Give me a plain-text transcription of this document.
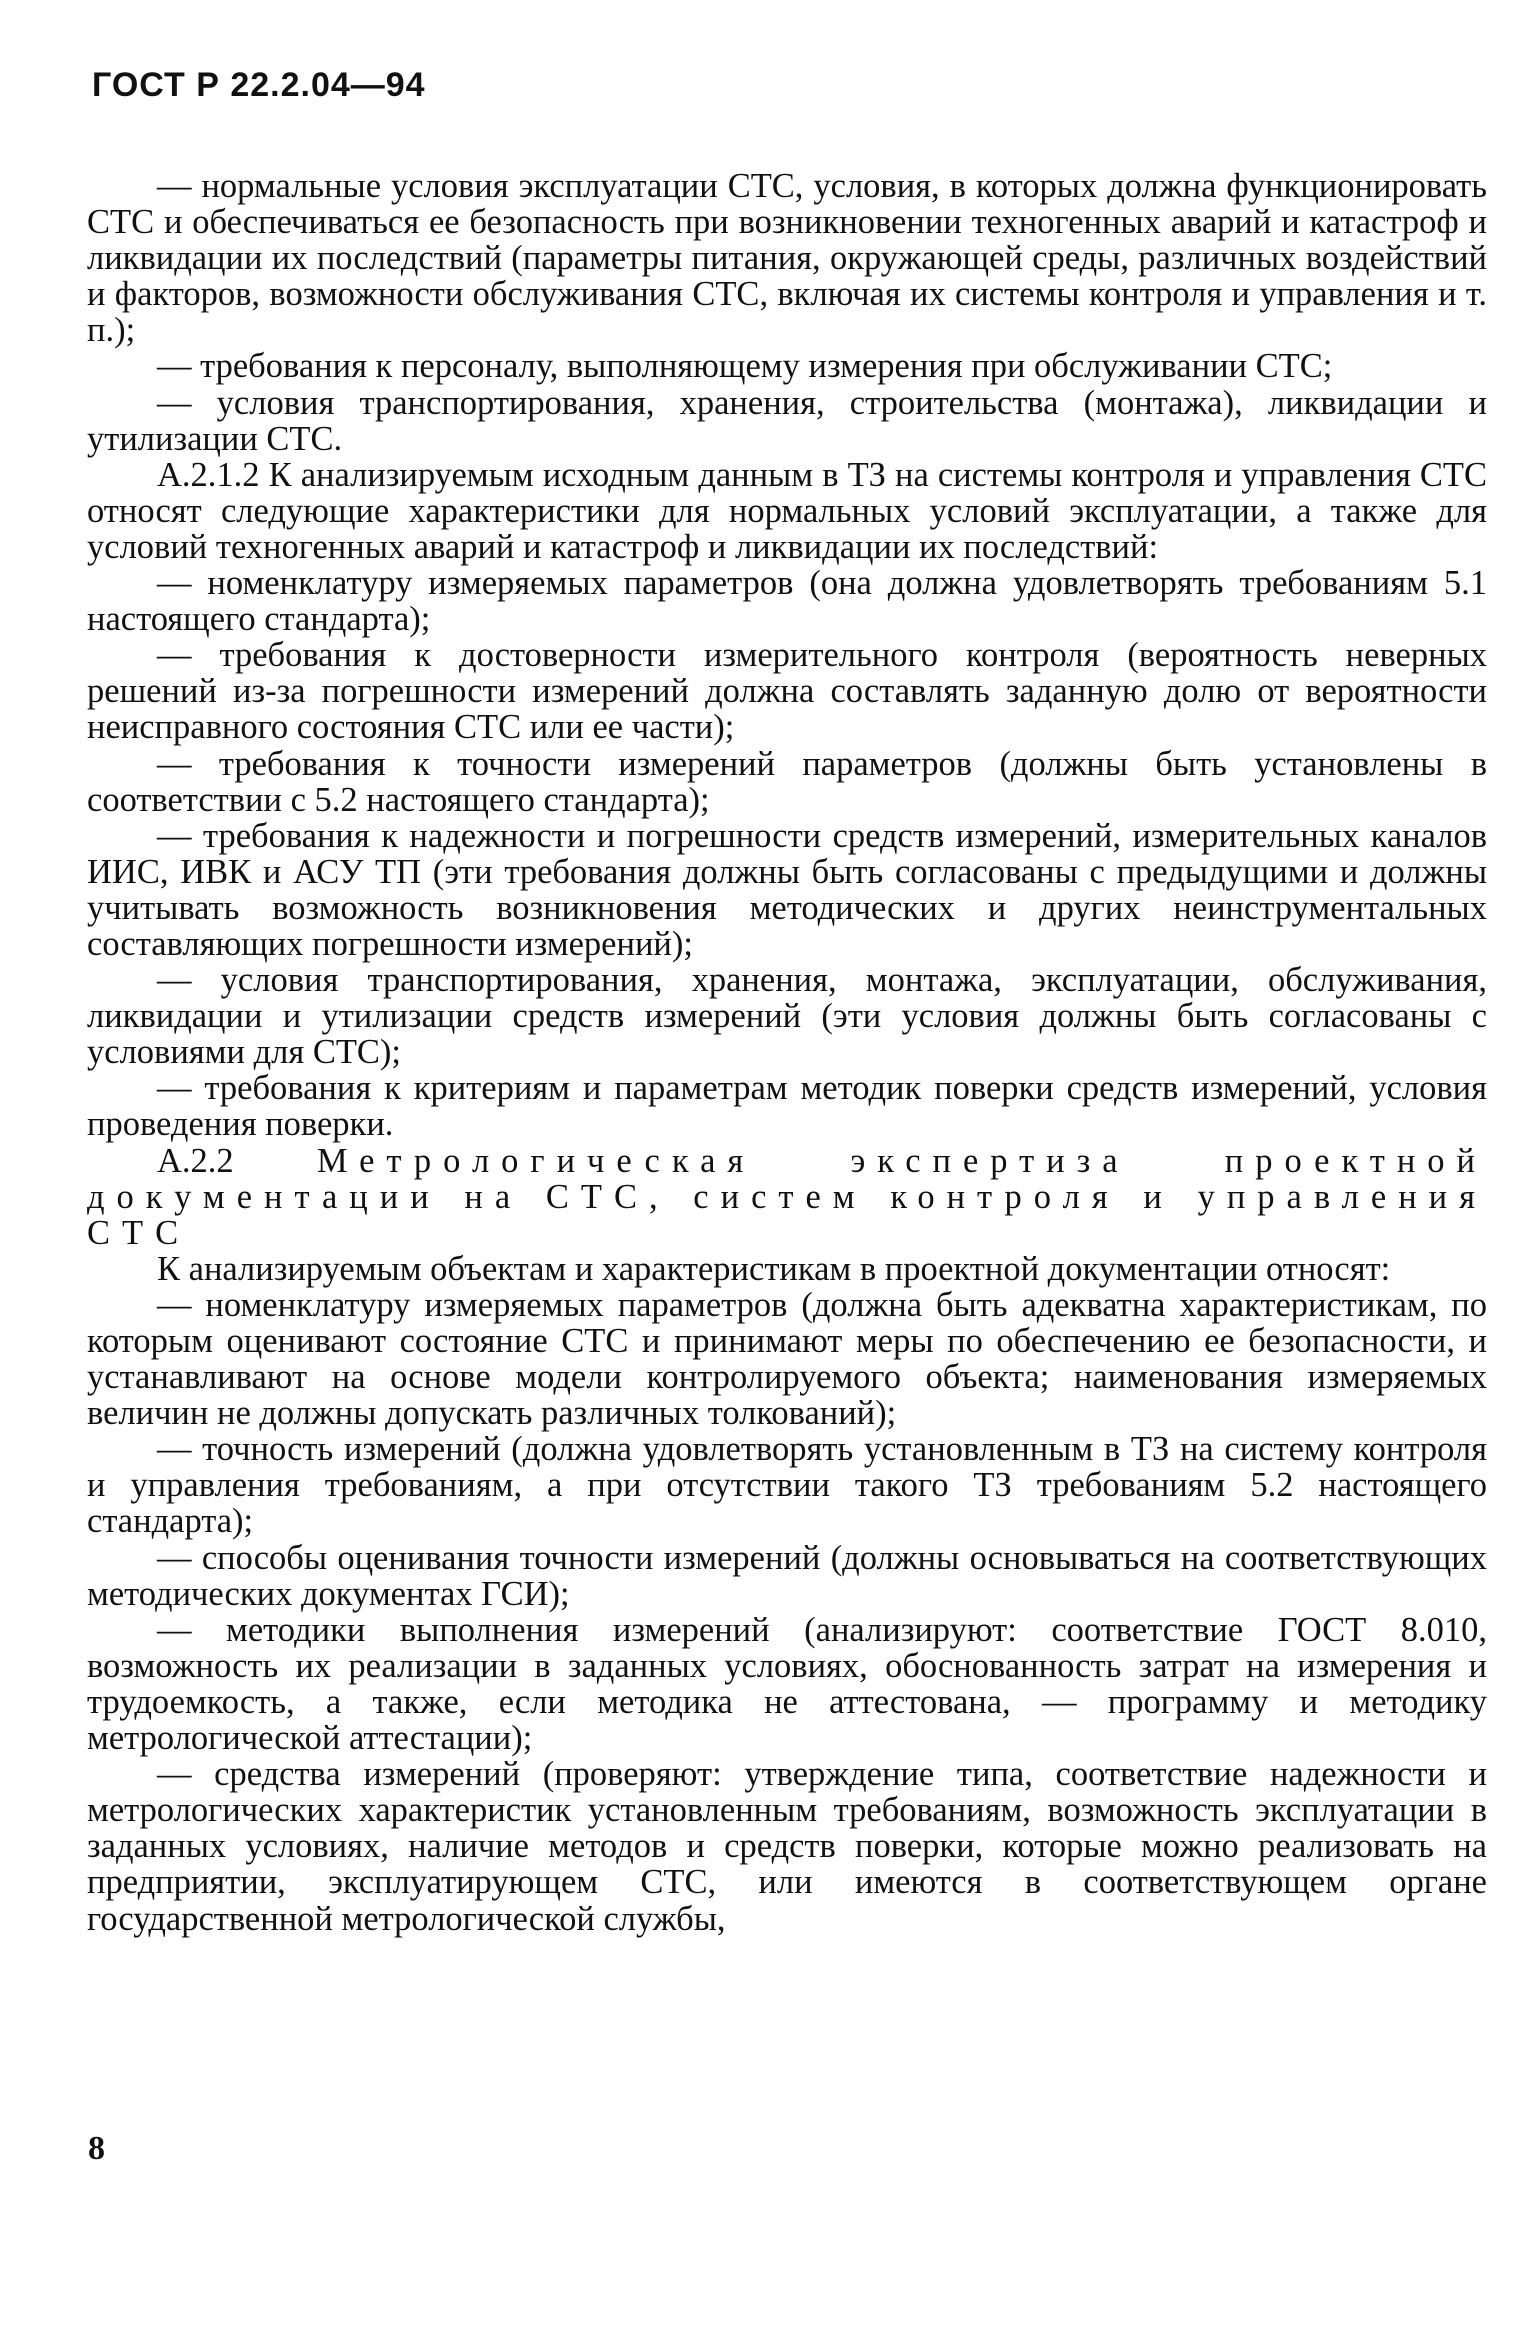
ГОСТ Р 22.2.04—94

— нормальные условия эксплуатации СТС, условия, в которых должна функционировать СТС и обеспечиваться ее безопасность при возникновении техногенных аварий и катастроф и ликвидации их последствий (параметры питания, окружающей среды, различных воздействий и факторов, возможности обслуживания СТС, включая их системы контроля и управления и т. п.);

— требования к персоналу, выполняющему измерения при обслуживании СТС;

— условия транспортирования, хранения, строительства (монтажа), ликвидации и утилизации СТС.

А.2.1.2 К анализируемым исходным данным в ТЗ на системы контроля и управления СТС относят следующие характеристики для нормальных условий эксплуатации, а также для условий техногенных аварий и катастроф и ликвидации их последствий:

— номенклатуру измеряемых параметров (она должна удовлетворять требованиям 5.1 настоящего стандарта);

— требования к достоверности измерительного контроля (вероятность неверных решений из-за погрешности измерений должна составлять заданную долю от вероятности неисправного состояния СТС или ее части);

— требования к точности измерений параметров (должны быть установлены в соответствии с 5.2 настоящего стандарта);

— требования к надежности и погрешности средств измерений, измерительных каналов ИИС, ИВК и АСУ ТП (эти требования должны быть согласованы с предыдущими и должны учитывать возможность возникновения методических и других неинструментальных составляющих погрешности измерений);

— условия транспортирования, хранения, монтажа, эксплуатации, обслуживания, ликвидации и утилизации средств измерений (эти условия должны быть согласованы с условиями для СТС);

— требования к критериям и параметрам методик поверки средств измерений, условия проведения поверки.

А.2.2 Метрологическая экспертиза проектной документации на СТС, систем контроля и управления СТС

К анализируемым объектам и характеристикам в проектной документации относят:

— номенклатуру измеряемых параметров (должна быть адекватна характеристикам, по которым оценивают состояние СТС и принимают меры по обеспечению ее безопасности, и устанавливают на основе модели контролируемого объекта; наименования измеряемых величин не должны допускать различных толкований);

— точность измерений (должна удовлетворять установленным в ТЗ на систему контроля и управления требованиям, а при отсутствии такого ТЗ требованиям 5.2 настоящего стандарта);

— способы оценивания точности измерений (должны основываться на соответствующих методических документах ГСИ);

— методики выполнения измерений (анализируют: соответствие ГОСТ 8.010, возможность их реализации в заданных условиях, обоснованность затрат на измерения и трудоемкость, а также, если методика не аттестована, — программу и методику метрологической аттестации);

— средства измерений (проверяют: утверждение типа, соответствие надежности и метрологических характеристик установленным требованиям, возможность эксплуатации в заданных условиях, наличие методов и средств поверки, которые можно реализовать на предприятии, эксплуатирующем СТС, или имеются в соответствующем органе государственной метрологической службы,

8
